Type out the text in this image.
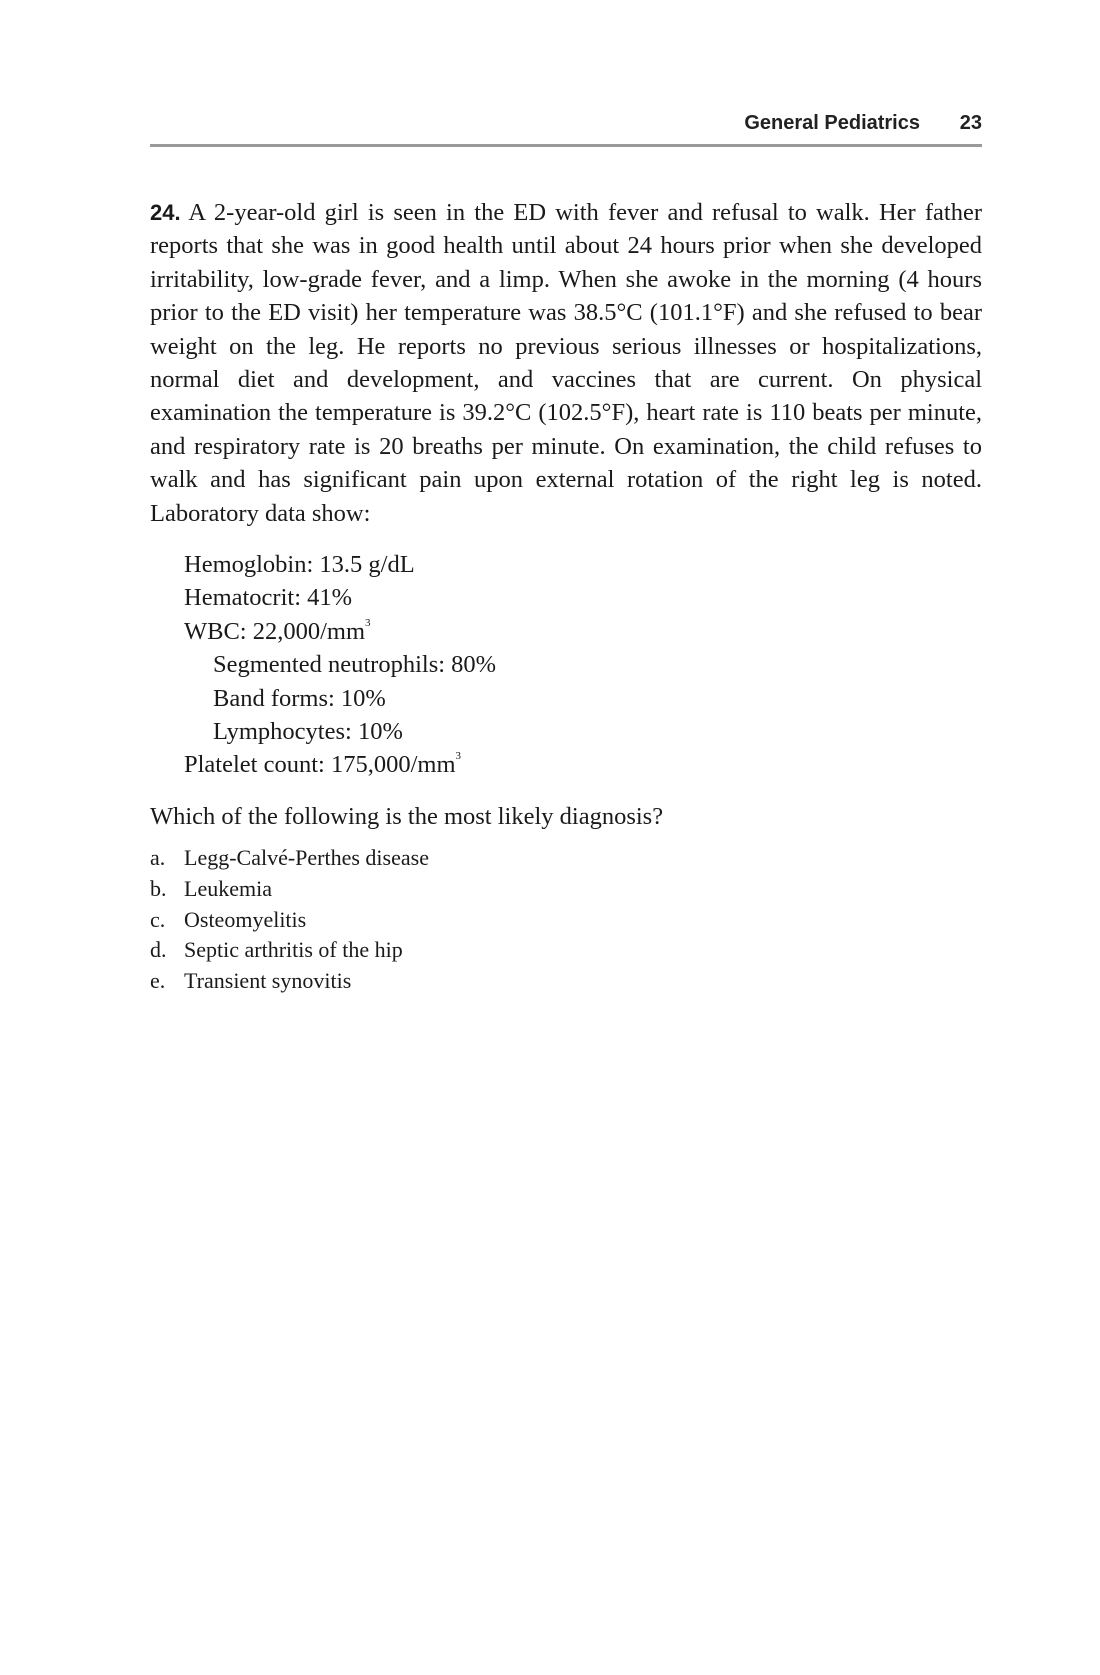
General Pediatrics 23
24. A 2-year-old girl is seen in the ED with fever and refusal to walk. Her father reports that she was in good health until about 24 hours prior when she developed irritability, low-grade fever, and a limp. When she awoke in the morning (4 hours prior to the ED visit) her temperature was 38.5°C (101.1°F) and she refused to bear weight on the leg. He reports no previous serious illnesses or hospitalizations, normal diet and development, and vaccines that are current. On physical examination the temperature is 39.2°C (102.5°F), heart rate is 110 beats per minute, and respiratory rate is 20 breaths per minute. On examination, the child refuses to walk and has significant pain upon external rotation of the right leg is noted. Laboratory data show:
Hemoglobin: 13.5 g/dL
Hematocrit: 41%
WBC: $22,000/mm^3$
Segmented neutrophils: 80%
Band forms: 10%
Lymphocytes: 10%
Platelet count: $175,000/mm^3$
Which of the following is the most likely diagnosis?
a. Legg-Calvé-Perthes disease
b. Leukemia
c. Osteomyelitis
d. Septic arthritis of the hip
e. Transient synovitis
